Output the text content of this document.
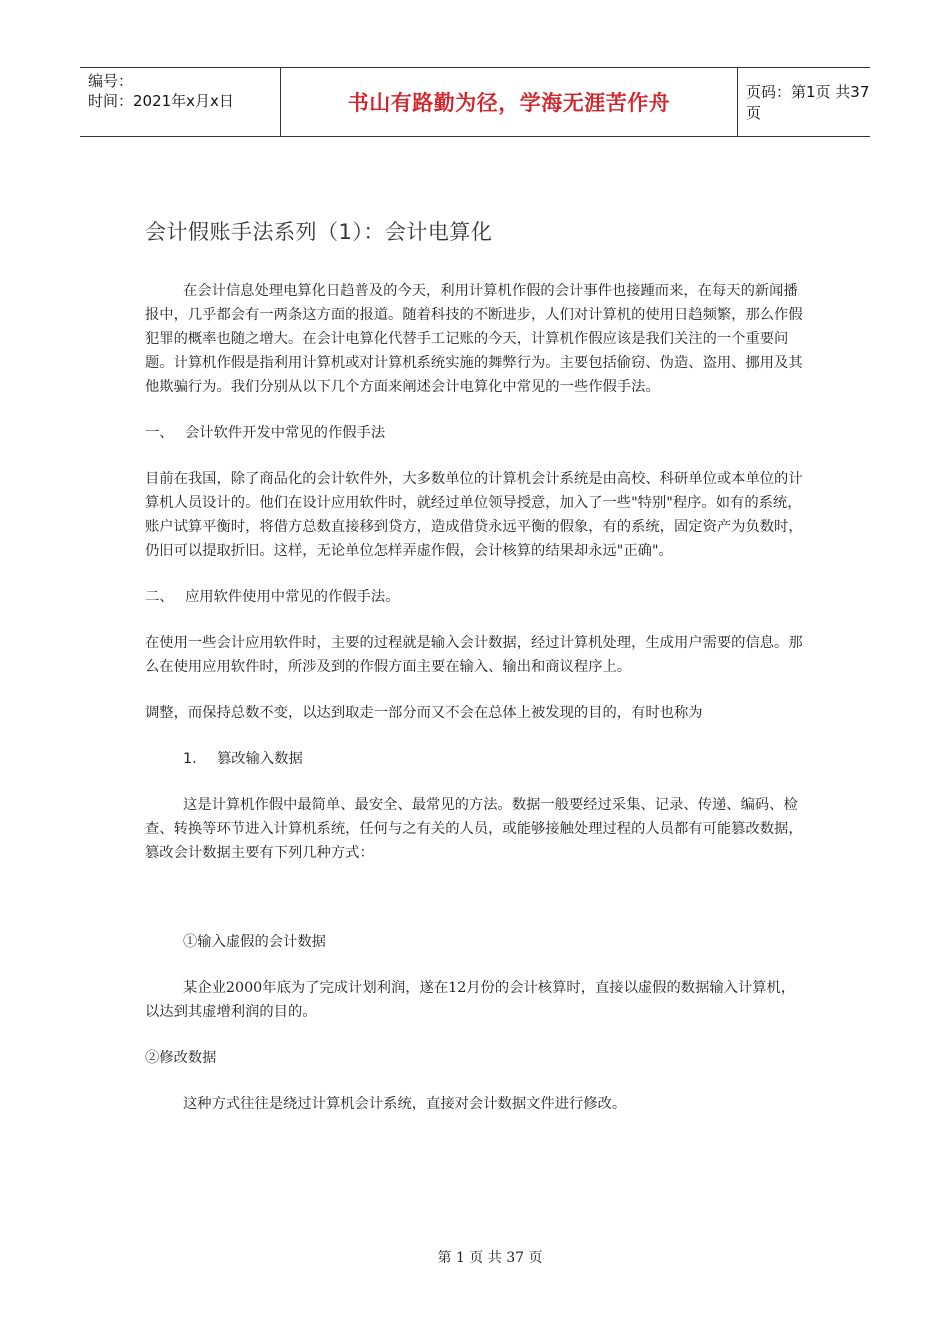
编号：
时间：2021年x月x日	书山有路勤为径，学海无涯苦作舟	页码：第1页 共37页
会计假账手法系列（1）：会计电算化

在会计信息处理电算化日趋普及的今天，利用计算机作假的会计事件也接踵而来，在每天的新闻播报中，几乎都会有一两条这方面的报道。随着科技的不断进步，人们对计算机的使用日趋频繁，那么作假犯罪的概率也随之增大。在会计电算化代替手工记账的今天，计算机作假应该是我们关注的一个重要问题。计算机作假是指利用计算机或对计算机系统实施的舞弊行为。主要包括偷窃、伪造、盗用、挪用及其他欺骗行为。我们分别从以下几个方面来阐述会计电算化中常见的一些作假手法。

一、 会计软件开发中常见的作假手法

目前在我国，除了商品化的会计软件外，大多数单位的计算机会计系统是由高校、科研单位或本单位的计算机人员设计的。他们在设计应用软件时，就经过单位领导授意，加入了一些"特别"程序。如有的系统，账户试算平衡时，将借方总数直接移到贷方，造成借贷永远平衡的假象，有的系统，固定资产为负数时，仍旧可以提取折旧。这样，无论单位怎样弄虚作假，会计核算的结果却永远"正确"。

二、 应用软件使用中常见的作假手法。

在使用一些会计应用软件时，主要的过程就是输入会计数据，经过计算机处理，生成用户需要的信息。那么在使用应用软件时，所涉及到的作假方面主要在输入、输出和商议程序上。

调整，而保持总数不变，以达到取走一部分而又不会在总体上被发现的目的，有时也称为

1. 篡改输入数据

这是计算机作假中最简单、最安全、最常见的方法。数据一般要经过采集、记录、传递、编码、检查、转换等环节进入计算机系统，任何与之有关的人员，或能够接触处理过程的人员都有可能篡改数据，篡改会计数据主要有下列几种方式：

①输入虚假的会计数据

某企业2000年底为了完成计划利润，遂在12月份的会计核算时，直接以虚假的数据输入计算机，以达到其虚增利润的目的。

②修改数据

这种方式往往是绕过计算机会计系统，直接对会计数据文件进行修改。

第 1 页 共 37 页
